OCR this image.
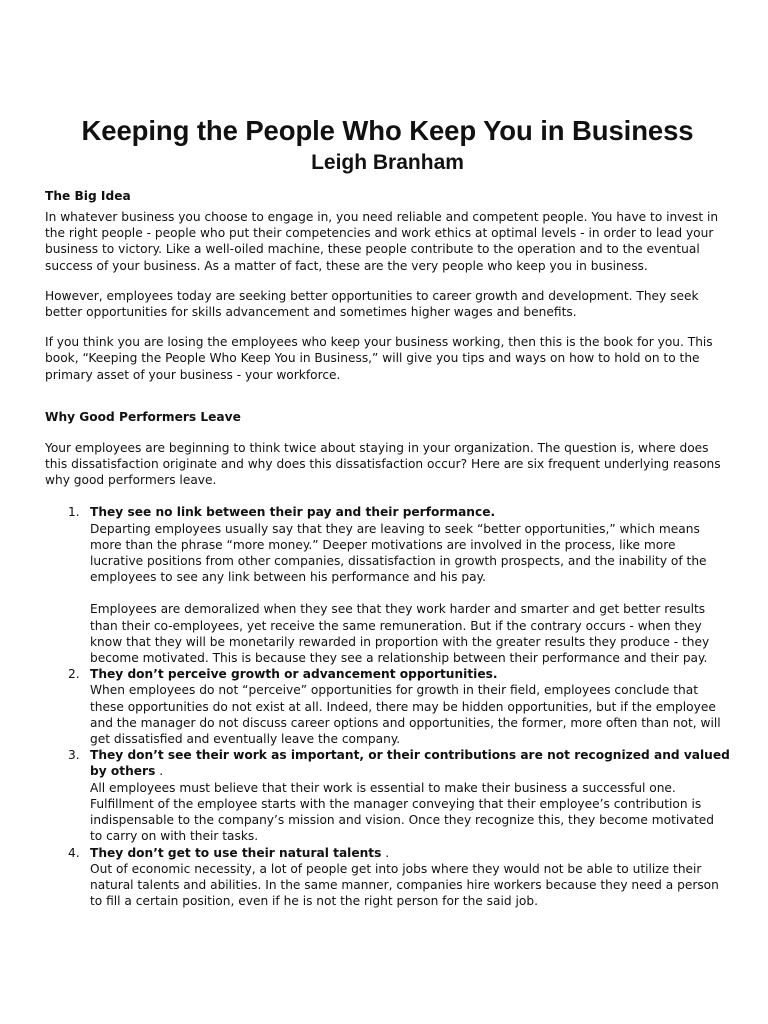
Keeping the People Who Keep You in Business
Leigh Branham
The Big Idea

In whatever business you choose to engage in, you need reliable and competent people. You have to invest in the right people - people who put their competencies and work ethics at optimal levels - in order to lead your business to victory. Like a well-oiled machine, these people contribute to the operation and to the eventual success of your business. As a matter of fact, these are the very people who keep you in business.

However, employees today are seeking better opportunities to career growth and development. They seek better opportunities for skills advancement and sometimes higher wages and benefits.

If you think you are losing the employees who keep your business working, then this is the book for you. This book, “Keeping the People Who Keep You in Business,” will give you tips and ways on how to hold on to the primary asset of your business - your workforce.

Why Good Performers Leave

Your employees are beginning to think twice about staying in your organization. The question is, where does this dissatisfaction originate and why does this dissatisfaction occur? Here are six frequent underlying reasons why good performers leave.

1. They see no link between their pay and their performance.
Departing employees usually say that they are leaving to seek “better opportunities,” which means more than the phrase “more money.” Deeper motivations are involved in the process, like more lucrative positions from other companies, dissatisfaction in growth prospects, and the inability of the employees to see any link between his performance and his pay.
Employees are demoralized when they see that they work harder and smarter and get better results than their co-employees, yet receive the same remuneration. But if the contrary occurs - when they know that they will be monetarily rewarded in proportion with the greater results they produce - they become motivated. This is because they see a relationship between their performance and their pay.
2. They don’t perceive growth or advancement opportunities.
When employees do not “perceive” opportunities for growth in their field, employees conclude that these opportunities do not exist at all. Indeed, there may be hidden opportunities, but if the employee and the manager do not discuss career options and opportunities, the former, more often than not, will get dissatisfied and eventually leave the company.
3. They don’t see their work as important, or their contributions are not recognized and valued by others .
All employees must believe that their work is essential to make their business a successful one. Fulfillment of the employee starts with the manager conveying that their employee’s contribution is indispensable to the company’s mission and vision. Once they recognize this, they become motivated to carry on with their tasks.
4. They don’t get to use their natural talents .
Out of economic necessity, a lot of people get into jobs where they would not be able to utilize their natural talents and abilities. In the same manner, companies hire workers because they need a person to fill a certain position, even if he is not the right person for the said job.
